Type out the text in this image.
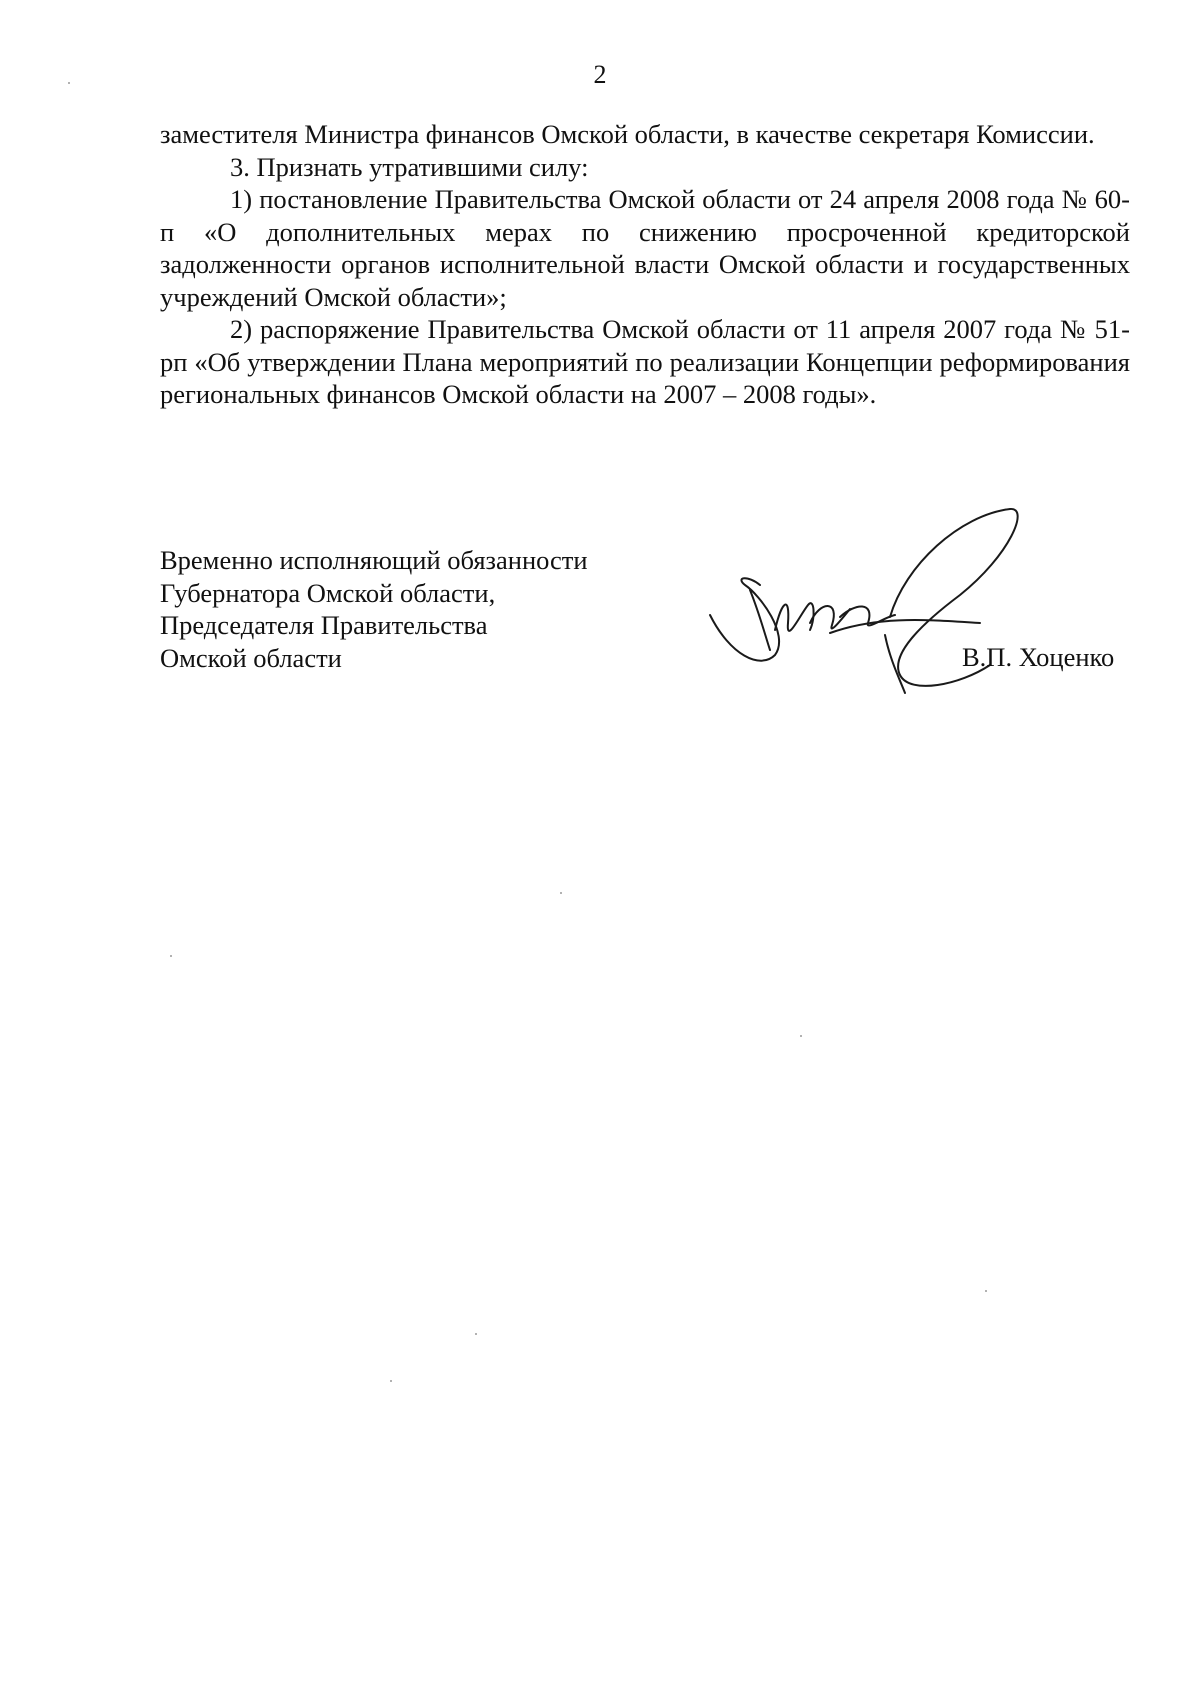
2

заместителя Министра финансов Омской области, в качестве секретаря Комиссии.

3. Признать утратившими силу:

1) постановление Правительства Омской области от 24 апреля 2008 года № 60-п «О дополнительных мерах по снижению просроченной кредиторской задолженности органов исполнительной власти Омской области и государственных учреждений Омской области»;

2) распоряжение Правительства Омской области от 11 апреля 2007 года № 51-рп «Об утверждении Плана мероприятий по реализации Концепции реформирования региональных финансов Омской области на 2007 – 2008 годы».

Временно исполняющий обязанности
Губернатора Омской области,
Председателя Правительства
Омской области	В.П. Хоценко
